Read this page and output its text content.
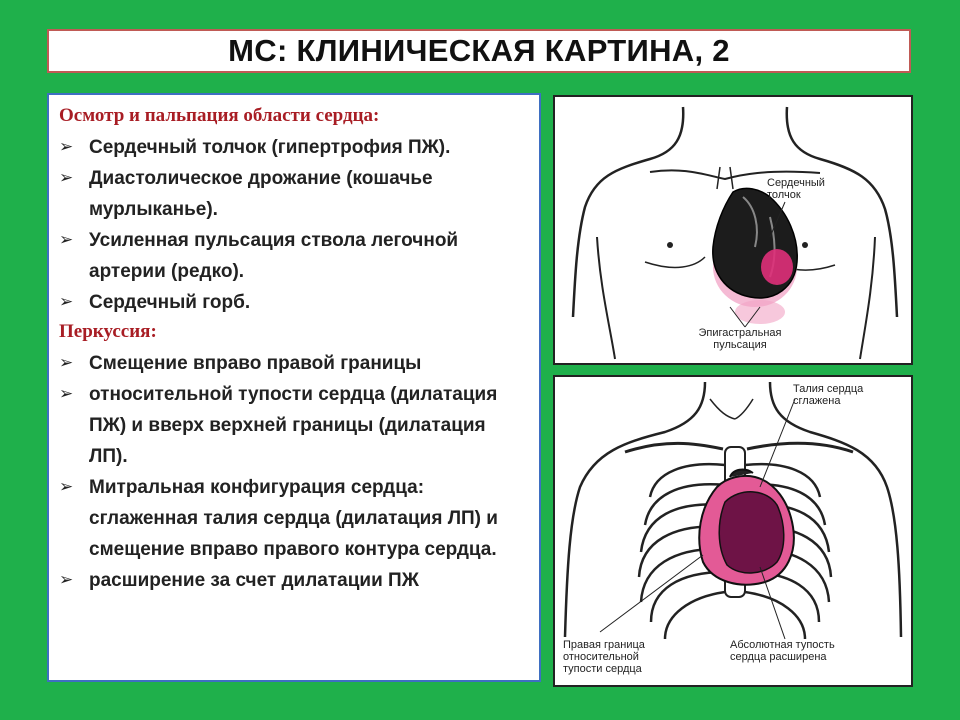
МС: КЛИНИЧЕСКАЯ КАРТИНА, 2
Осмотр и пальпация области сердца:
➢ Сердечный толчок (гипертрофия ПЖ).
➢ Диастолическое дрожание (кошачье мурлыканье).
➢ Усиленная пульсация ствола легочной артерии (редко).
➢ Сердечный горб.
Перкуссия:
➢ Смещение вправо правой границы
➢ относительной тупости сердца (дилатация ПЖ) и вверх верхней границы (дилатация ЛП).
➢ Митральная конфигурация сердца: сглаженная талия сердца (дилатация ЛП) и смещение вправо правого контура сердца.
➢ расширение за счет дилатации ПЖ
Сердечный толчок
Эпигастральная пульсация
Талия сердца сглажена
Правая граница относительной тупости сердца
Абсолютная тупость сердца расширена
